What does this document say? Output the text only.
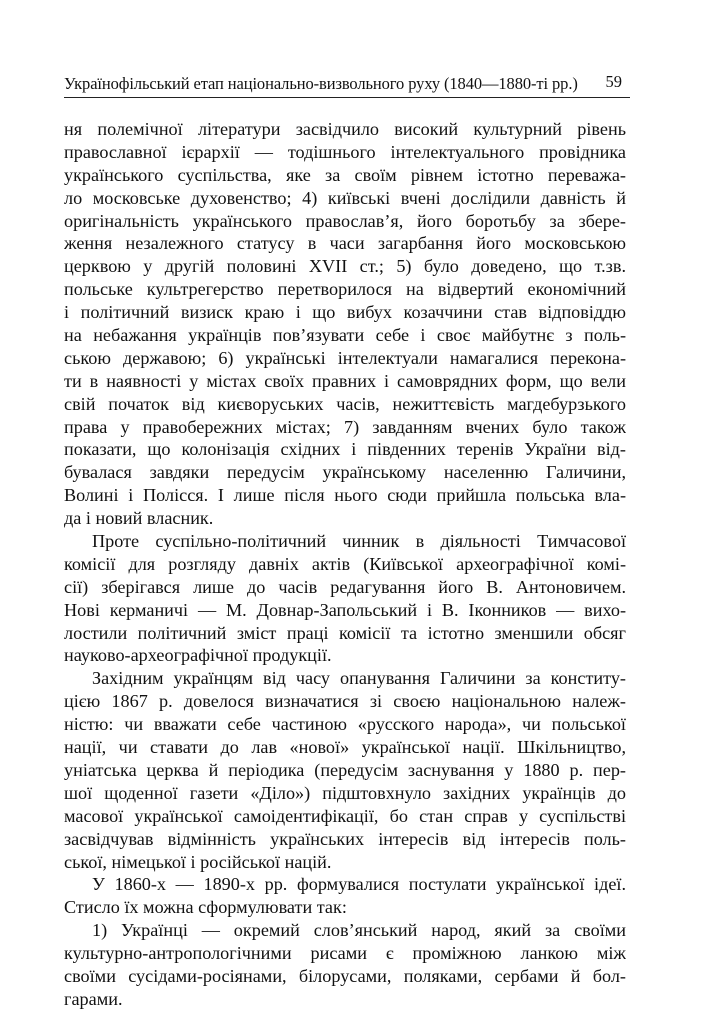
Українофільський етап національно-визвольного руху (1840—1880-ті рр.) 59
ня полемічної літератури засвідчило високий культурний рівень
православної ієрархії — тодішнього інтелектуального провідника
українського суспільства, яке за своїм рівнем істотно переважа-
ло московське духовенство; 4) київські вчені дослідили давність й
оригінальність українського православ’я, його боротьбу за збере-
ження незалежного статусу в часи загарбання його московською
церквою у другій половині XVII ст.; 5) було доведено, що т.зв.
польське культрегерство перетворилося на відвертий економічний
і політичний визиск краю і що вибух козаччини став відповіддю
на небажання українців пов’язувати себе і своє майбутнє з поль-
ською державою; 6) українські інтелектуали намагалися переконa-
ти в наявності у містах своїх правних і самоврядних форм, що вели
свій початок від києворуських часів, нежиттєвість магдебурзького
права у правобережних містах; 7) завданням вчених було також
показати, що колонізація східних і південних теренів України від-
бувалася завдяки передусім українському населенню Галичини,
Волині і Полісся. І лише після нього сюди прийшла польська вла-
да і новий власник.
Проте суспільно-політичний чинник в діяльності Тимчасової
комісії для розгляду давніх актів (Київської археографічної комі-
сії) зберігався лише до часів редагування його В. Антоновичем.
Нові керманичі — М. Довнар-Запольський і В. Іконников — вихо-
лостили політичний зміст праці комісії та істотно зменшили обсяг
науково-археографічної продукції.
Західним українцям від часу опанування Галичини за конститу-
цією 1867 р. довелося визначатися зі своєю національною належ-
ністю: чи вважати себе частиною «русского народа», чи польської
нації, чи ставати до лав «нової» української нації. Шкільництво,
уніатська церква й періодика (передусім заснування у 1880 р. пер-
шої щоденної газети «Діло») підштовхнуло західних українців до
масової української самоідентифікації, бо стан справ у суспільстві
засвідчував відмінність українських інтересів від інтересів поль-
ської, німецької і російської націй.
У 1860-х — 1890-х рр. формувалися постулати української ідеї.
Стисло їх можна сформулювати так:
1) Українці — окремий слов’янський народ, який за своїми
культурно-антропологічними рисами є проміжною ланкою між
своїми сусідами-росіянами, білорусами, поляками, сербами й бол-
гарами.
